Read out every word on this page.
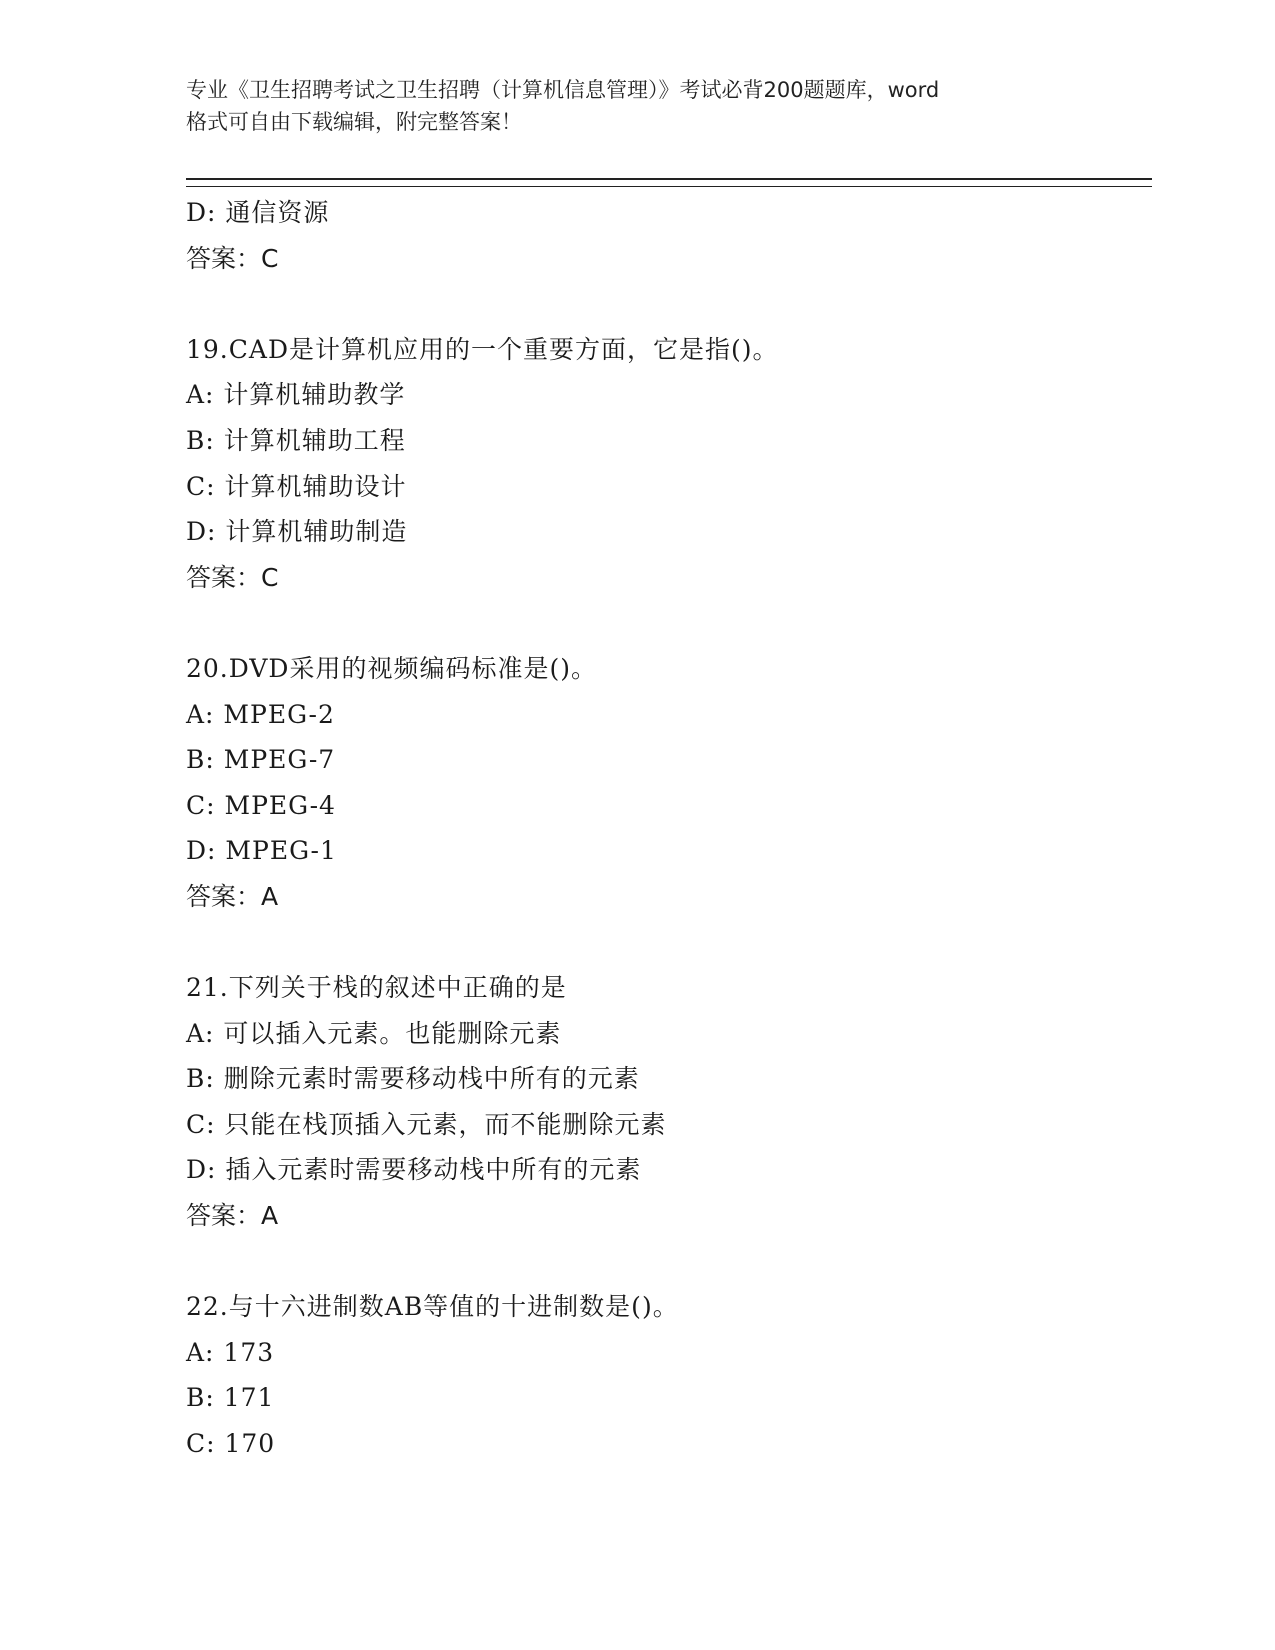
专业《卫生招聘考试之卫生招聘（计算机信息管理）》考试必背200题题库，word
格式可自由下载编辑，附完整答案！
D: 通信资源
答案：C
19.CAD是计算机应用的一个重要方面，它是指()。
A: 计算机辅助教学
B: 计算机辅助工程
C: 计算机辅助设计
D: 计算机辅助制造
答案：C
20.DVD采用的视频编码标准是()。
A: MPEG-2
B: MPEG-7
C: MPEG-4
D: MPEG-1
答案：A
21.下列关于栈的叙述中正确的是
A: 可以插入元素。也能删除元素
B: 删除元素时需要移动栈中所有的元素
C: 只能在栈顶插入元素，而不能删除元素
D: 插入元素时需要移动栈中所有的元素
答案：A
22.与十六进制数AB等值的十进制数是()。
A: 173
B: 171
C: 170
